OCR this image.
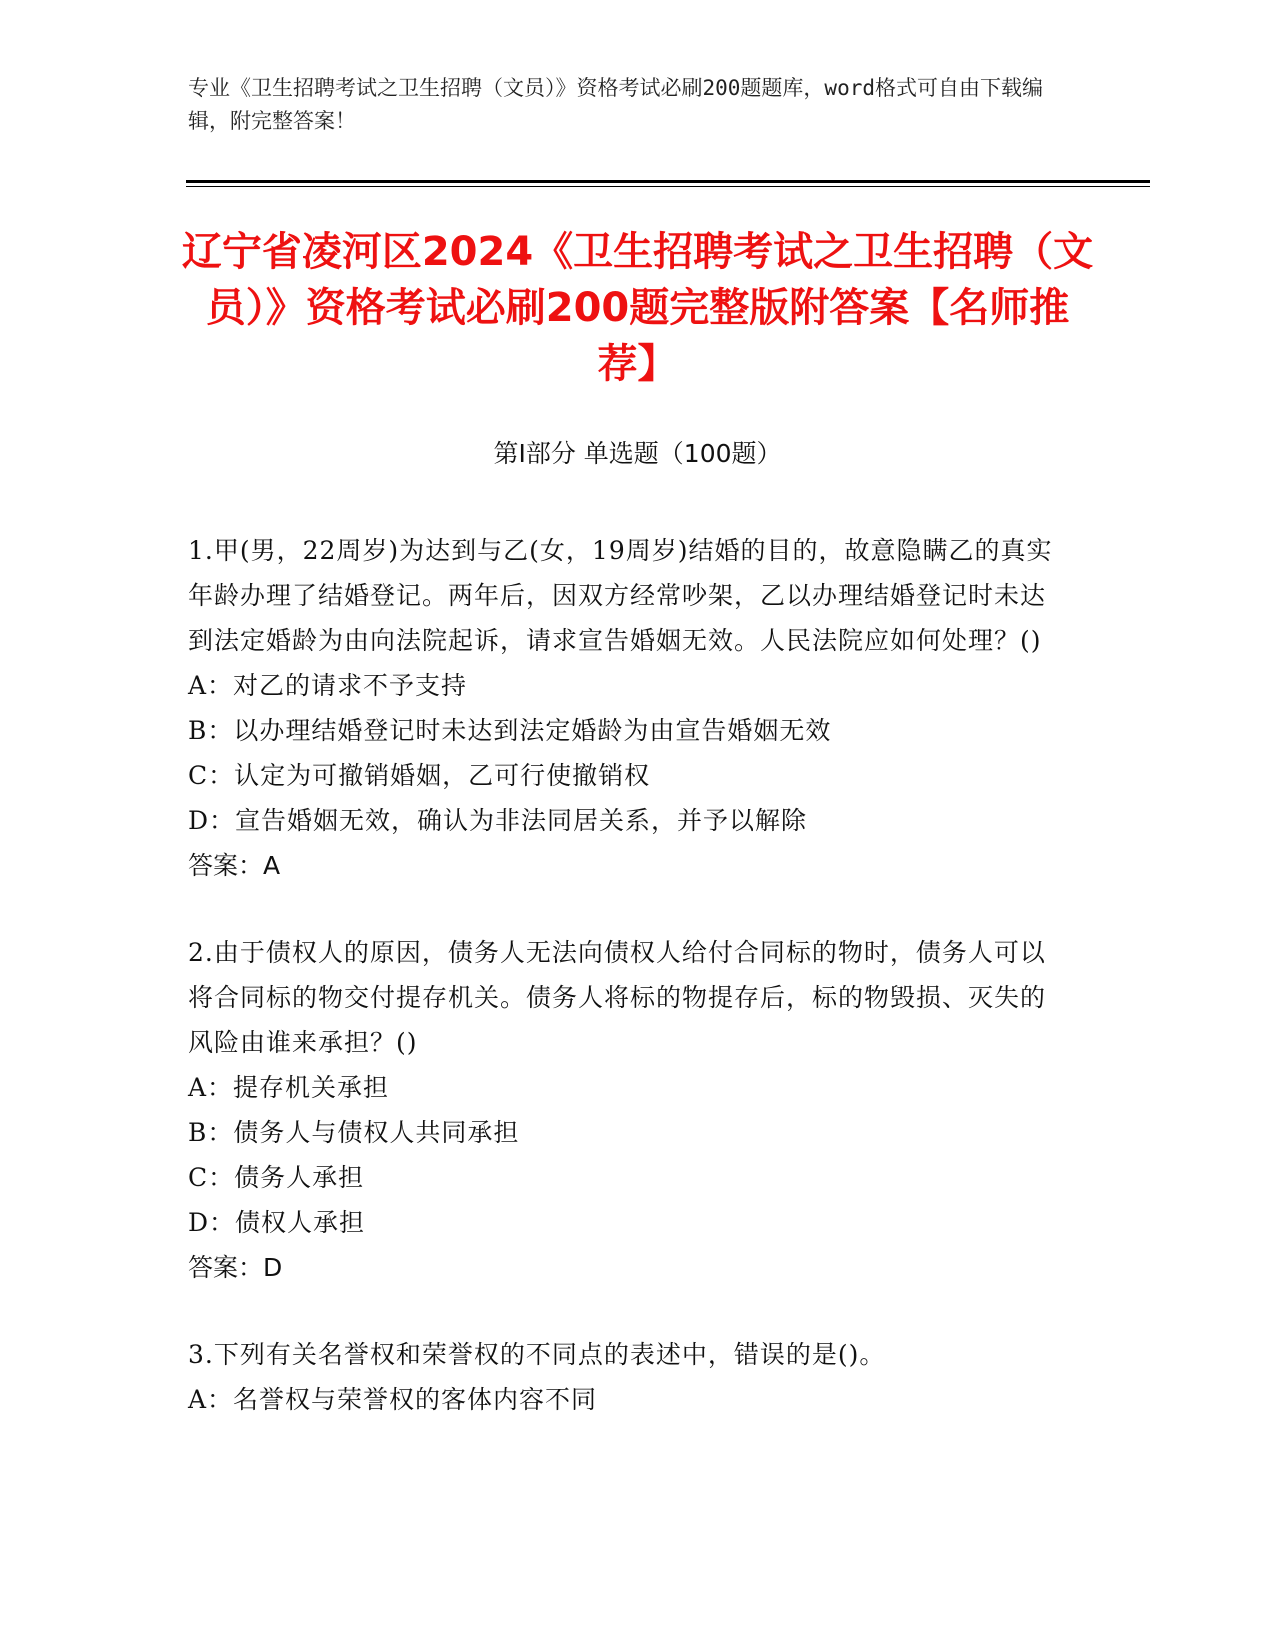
专业《卫生招聘考试之卫生招聘（文员）》资格考试必刷200题题库，word格式可自由下载编辑，附完整答案！

辽宁省凌河区2024《卫生招聘考试之卫生招聘（文员）》资格考试必刷200题完整版附答案【名师推荐】
第Ⅰ部分 单选题（100题）

1.甲(男，22周岁)为达到与乙(女，19周岁)结婚的目的，故意隐瞒乙的真实年龄办理了结婚登记。两年后，因双方经常吵架，乙以办理结婚登记时未达到法定婚龄为由向法院起诉，请求宣告婚姻无效。人民法院应如何处理？()

A：对乙的请求不予支持

B：以办理结婚登记时未达到法定婚龄为由宣告婚姻无效

C：认定为可撤销婚姻，乙可行使撤销权

D：宣告婚姻无效，确认为非法同居关系，并予以解除

答案：A

2.由于债权人的原因，债务人无法向债权人给付合同标的物时，债务人可以将合同标的物交付提存机关。债务人将标的物提存后，标的物毁损、灭失的风险由谁来承担？()

A：提存机关承担

B：债务人与债权人共同承担

C：债务人承担

D：债权人承担

答案：D

3.下列有关名誉权和荣誉权的不同点的表述中，错误的是()。

A：名誉权与荣誉权的客体内容不同
